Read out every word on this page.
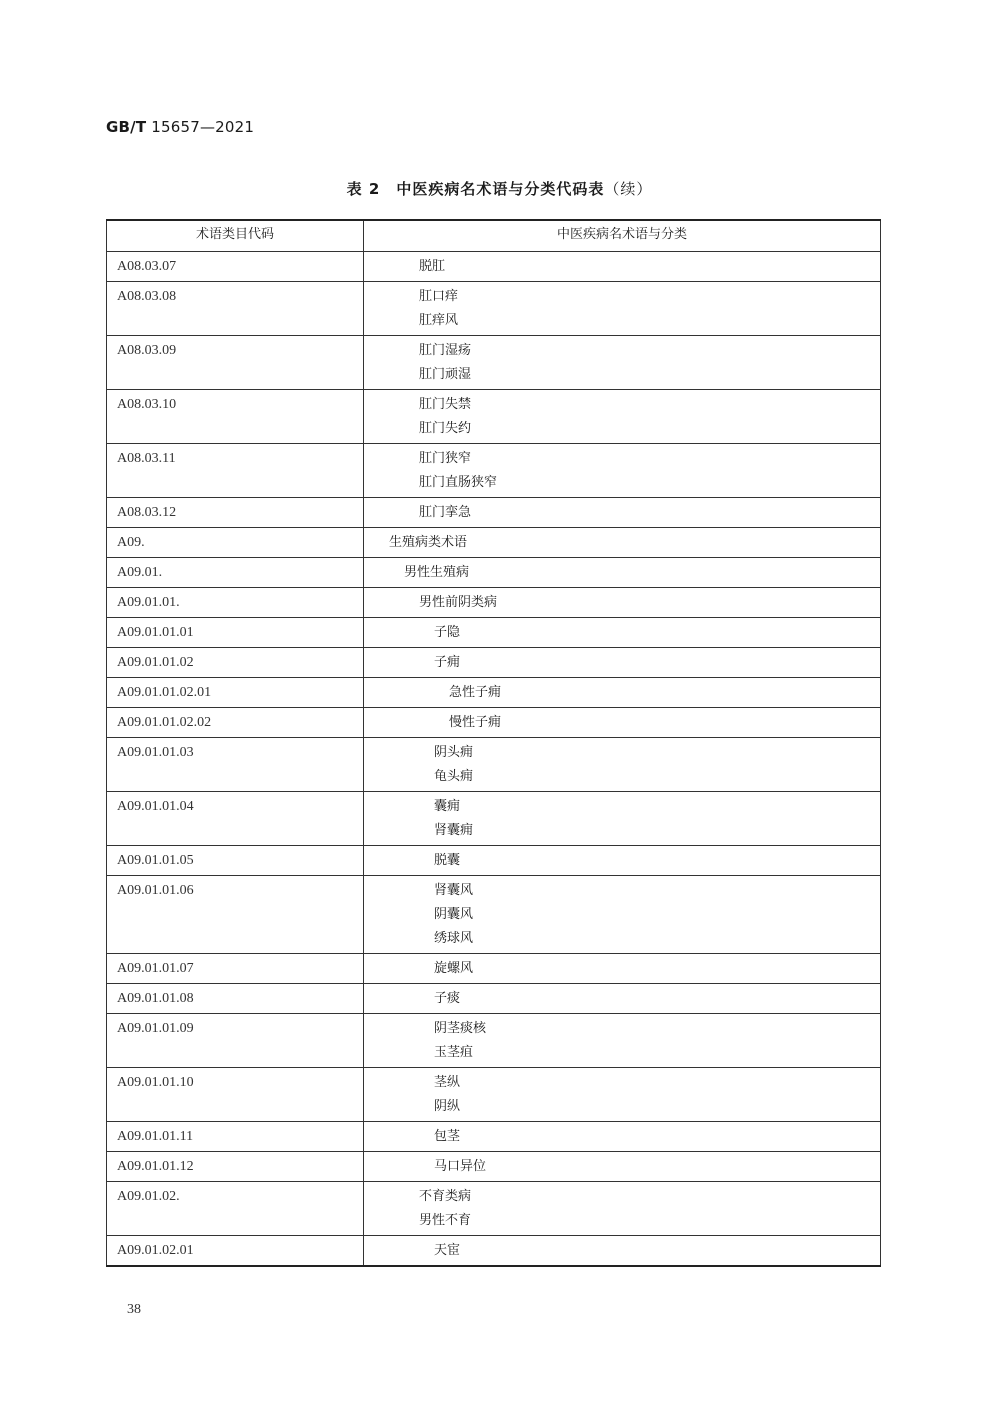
GB/T 15657—2021
表 2　中医疾病名术语与分类代码表（续）
术语类目代码	中医疾病名术语与分类
A08.03.07	脱肛

A08.03.08	肛口痒
肛痒风

A08.03.09	肛门湿疡
肛门顽湿

A08.03.10	肛门失禁
肛门失约

A08.03.11	肛门狭窄
肛门直肠狭窄

A08.03.12	肛门挛急

A09.	生殖病类术语

A09.01.	男性生殖病

A09.01.01.	男性前阴类病

A09.01.01.01	子隐

A09.01.01.02	子痈

A09.01.01.02.01	急性子痈

A09.01.01.02.02	慢性子痈

A09.01.01.03	阴头痈
龟头痈

A09.01.01.04	囊痈
肾囊痈

A09.01.01.05	脱囊

A09.01.01.06	肾囊风
阴囊风
绣球风

A09.01.01.07	旋螺风

A09.01.01.08	子痰

A09.01.01.09	阴茎痰核
玉茎疽

A09.01.01.10	茎纵
阴纵

A09.01.01.11	包茎

A09.01.01.12	马口异位

A09.01.02.	不育类病
男性不育

A09.01.02.01	天宦
38
